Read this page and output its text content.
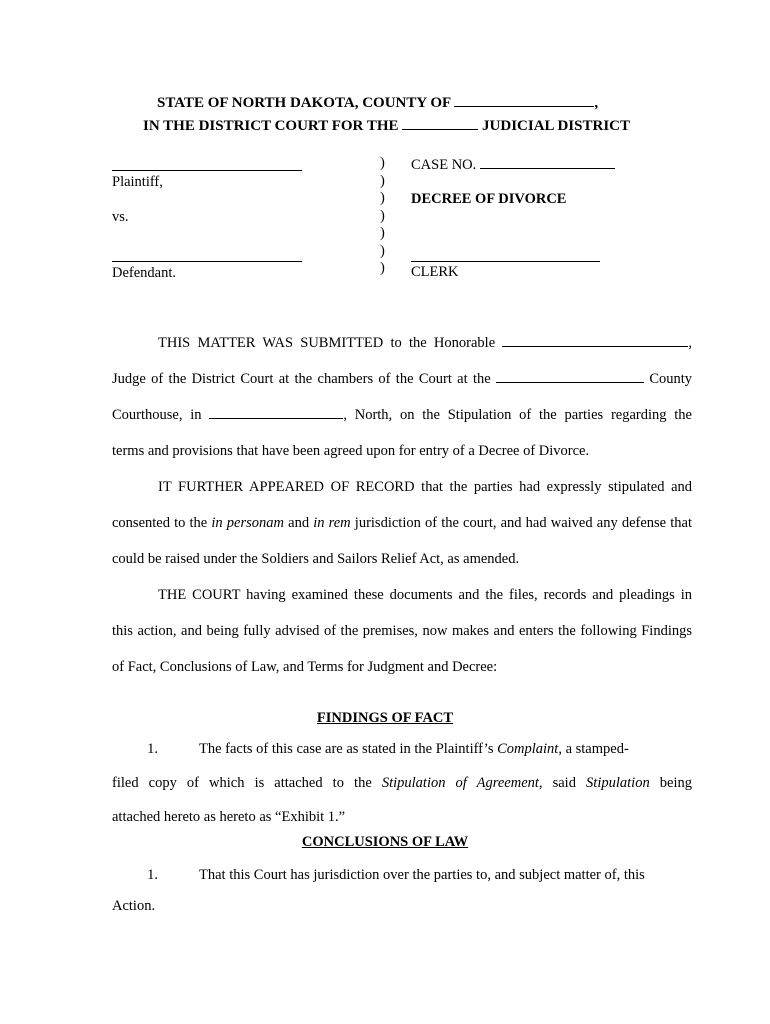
STATE OF NORTH DAKOTA, COUNTY OF	,
IN THE DISTRICT COURT FOR THE	JUDICIAL DISTRICT
Plaintiff,
vs.
Defendant.
)
)
)
)
)
)
)
CASE NO.
DECREE OF DIVORCE
CLERK
THIS MATTER WAS SUBMITTED to the Honorable	,
Judge of the District Court at the chambers of the Court at the	County
Courthouse, in	, North, on the Stipulation of the parties regarding the
terms and provisions that have been agreed upon for entry of a Decree of Divorce.
IT FURTHER APPEARED OF RECORD that the parties had expressly stipulated and
consented to the in personam and in rem jurisdiction of the court, and had waived any defense that
could be raised under the Soldiers and Sailors Relief Act, as amended.
THE COURT having examined these documents and the files, records and pleadings in
this action, and being fully advised of the premises, now makes and enters the following Findings
of Fact, Conclusions of Law, and Terms for Judgment and Decree:
FINDINGS OF FACT
1.	The facts of this case are as stated in the Plaintiff’s Complaint, a stamped-
filed copy of which is attached to the Stipulation of Agreement, said Stipulation being
attached hereto as hereto as “Exhibit 1.”
CONCLUSIONS OF LAW
1.	That this Court has jurisdiction over the parties to, and subject matter of, this
Action.
